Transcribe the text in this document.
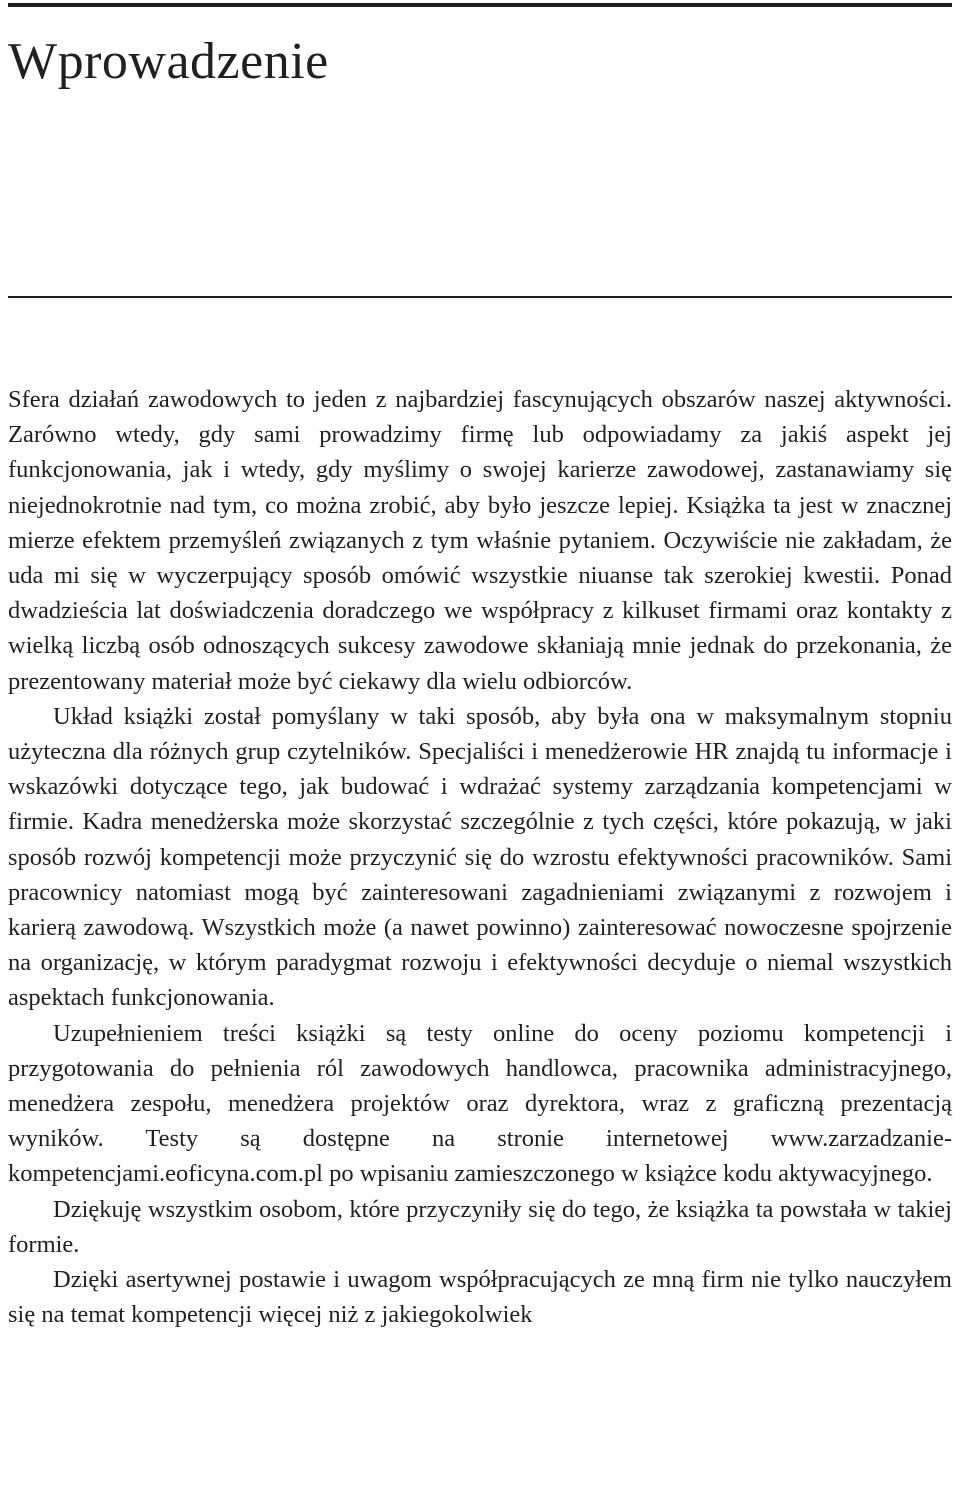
Wprowadzenie

Sfera działań zawodowych to jeden z najbardziej fascynujących obszarów naszej aktywności. Zarówno wtedy, gdy sami prowadzimy firmę lub odpowiadamy za jakiś aspekt jej funkcjonowania, jak i wtedy, gdy myślimy o swojej karierze zawodowej, zastanawiamy się niejednokrotnie nad tym, co można zrobić, aby było jeszcze lepiej. Książka ta jest w znacznej mierze efektem przemyśleń związanych z tym właśnie pytaniem. Oczywiście nie zakładam, że uda mi się w wyczerpujący sposób omówić wszystkie niuanse tak szerokiej kwestii. Ponad dwadzieścia lat doświadczenia doradczego we współpracy z kilkuset firmami oraz kontakty z wielką liczbą osób odnoszących sukcesy zawodowe skłaniają mnie jednak do przekonania, że prezentowany materiał może być ciekawy dla wielu odbiorców.

Układ książki został pomyślany w taki sposób, aby była ona w maksymalnym stopniu użyteczna dla różnych grup czytelników. Specjaliści i menedżerowie HR znajdą tu informacje i wskazówki dotyczące tego, jak budować i wdrażać systemy zarządzania kompetencjami w firmie. Kadra menedżerska może skorzystać szczególnie z tych części, które pokazują, w jaki sposób rozwój kompetencji może przyczynić się do wzrostu efektywności pracowników. Sami pracownicy natomiast mogą być zainteresowani zagadnieniami związanymi z rozwojem i karierą zawodową. Wszystkich może (a nawet powinno) zainteresować nowoczesne spojrzenie na organizację, w którym paradygmat rozwoju i efektywności decyduje o niemal wszystkich aspektach funkcjonowania.

Uzupełnieniem treści książki są testy online do oceny poziomu kompetencji i przygotowania do pełnienia ról zawodowych handlowca, pracownika administracyjnego, menedżera zespołu, menedżera projektów oraz dyrektora, wraz z graficzną prezentacją wyników. Testy są dostępne na stronie internetowej www.zarzadzanie-kompetencjami.eoficyna.com.pl po wpisaniu zamieszczonego w książce kodu aktywacyjnego.

Dziękuję wszystkim osobom, które przyczyniły się do tego, że książka ta powstała w takiej formie.

Dzięki asertywnej postawie i uwagom współpracujących ze mną firm nie tylko nauczyłem się na temat kompetencji więcej niż z jakiegokolwiek
